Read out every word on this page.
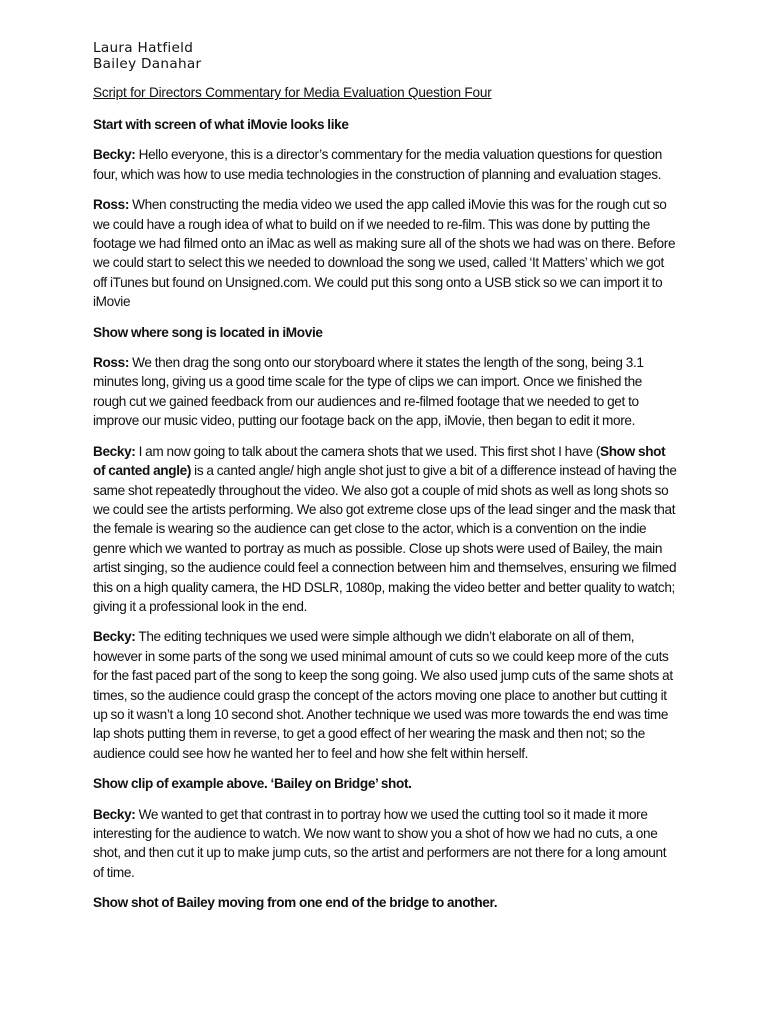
Laura Hatfield
Bailey Danahar
Script for Directors Commentary for Media Evaluation Question Four
Start with screen of what iMovie looks like
Becky: Hello everyone, this is a director’s commentary for the media valuation questions for question four, which was how to use media technologies in the construction of planning and evaluation stages.
Ross: When constructing the media video we used the app called iMovie this was for the rough cut so we could have a rough idea of what to build on if we needed to re-film. This was done by putting the footage we had filmed onto an iMac as well as making sure all of the shots we had was on there. Before we could start to select this we needed to download the song we used, called ‘It Matters’ which we got off iTunes but found on Unsigned.com. We could put this song onto a USB stick so we can import it to iMovie
Show where song is located in iMovie
Ross: We then drag the song onto our storyboard where it states the length of the song, being 3.1 minutes long, giving us a good time scale for the type of clips we can import. Once we finished the rough cut we gained feedback from our audiences and re-filmed footage that we needed to get to improve our music video, putting our footage back on the app, iMovie, then began to edit it more.
Becky: I am now going to talk about the camera shots that we used. This first shot I have (Show shot of canted angle) is a canted angle/ high angle shot just to give a bit of a difference instead of having the same shot repeatedly throughout the video. We also got a couple of mid shots as well as long shots so we could see the artists performing. We also got extreme close ups of the lead singer and the mask that the female is wearing so the audience can get close to the actor, which is a convention on the indie genre which we wanted to portray as much as possible. Close up shots were used of Bailey, the main artist singing, so the audience could feel a connection between him and themselves, ensuring we filmed this on a high quality camera, the HD DSLR, 1080p, making the video better and better quality to watch; giving it a professional look in the end.
Becky: The editing techniques we used were simple although we didn’t elaborate on all of them, however in some parts of the song we used minimal amount of cuts so we could keep more of the cuts for the fast paced part of the song to keep the song going. We also used jump cuts of the same shots at times, so the audience could grasp the concept of the actors moving one place to another but cutting it up so it wasn’t a long 10 second shot. Another technique we used was more towards the end was time lap shots putting them in reverse, to get a good effect of her wearing the mask and then not; so the audience could see how he wanted her to feel and how she felt within herself.
Show clip of example above. ‘Bailey on Bridge’ shot.
Becky: We wanted to get that contrast in to portray how we used the cutting tool so it made it more interesting for the audience to watch. We now want to show you a shot of how we had no cuts, a one shot, and then cut it up to make jump cuts, so the artist and performers are not there for a long amount of time.
Show shot of Bailey moving from one end of the bridge to another.
